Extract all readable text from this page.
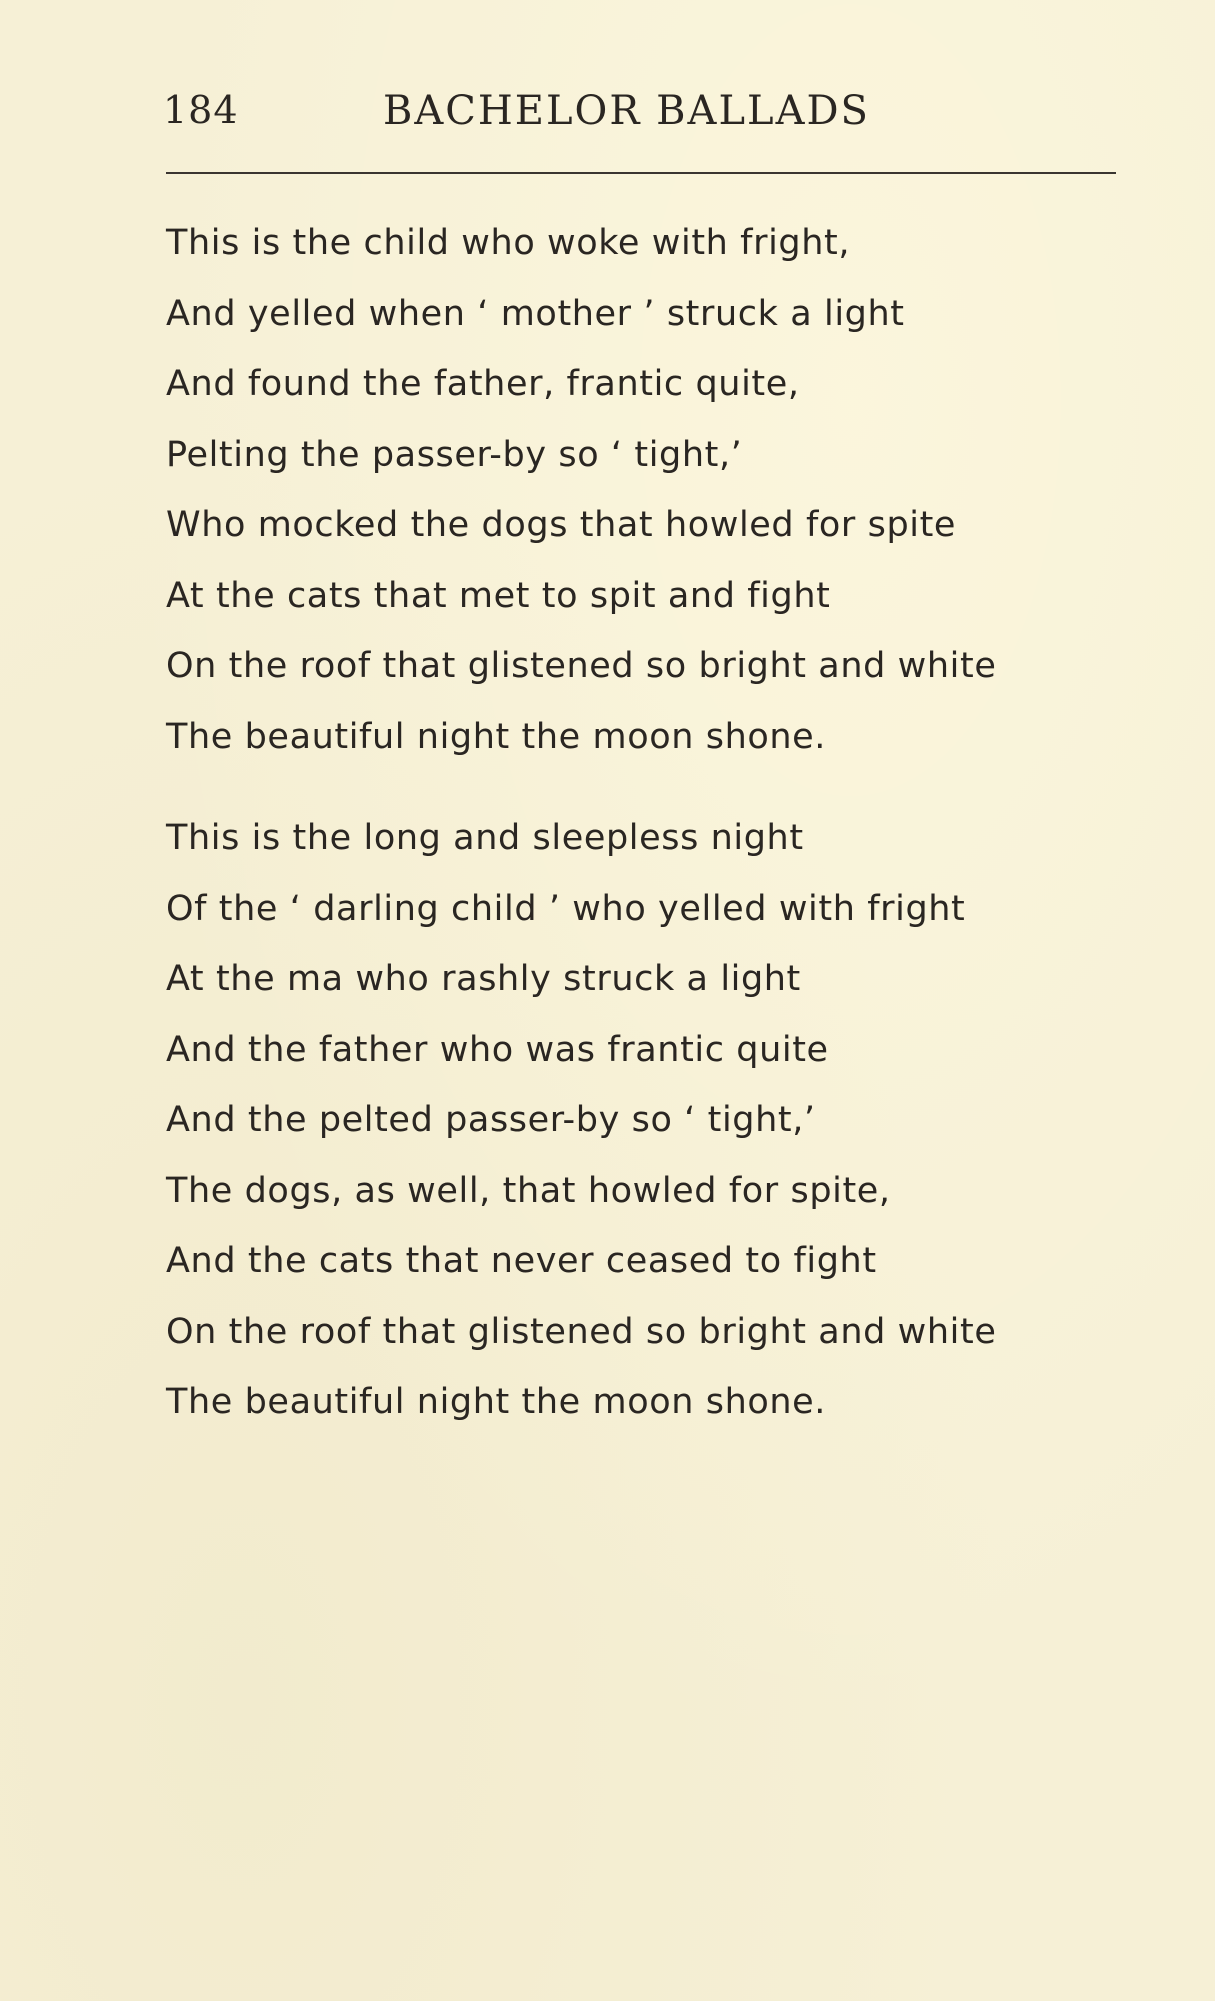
184	BACHELOR BALLADS
This is the child who woke with fright,
And yelled when ‘ mother ’ struck a light
And found the father, frantic quite,
Pelting the passer-by so ‘ tight,’
Who mocked the dogs that howled for spite
At the cats that met to spit and fight
On the roof that glistened so bright and white
The beautiful night the moon shone.
This is the long and sleepless night
Of the ‘ darling child ’ who yelled with fright
At the ma who rashly struck a light
And the father who was frantic quite
And the pelted passer-by so ‘ tight,’
The dogs, as well, that howled for spite,
And the cats that never ceased to fight
On the roof that glistened so bright and white
The beautiful night the moon shone.
